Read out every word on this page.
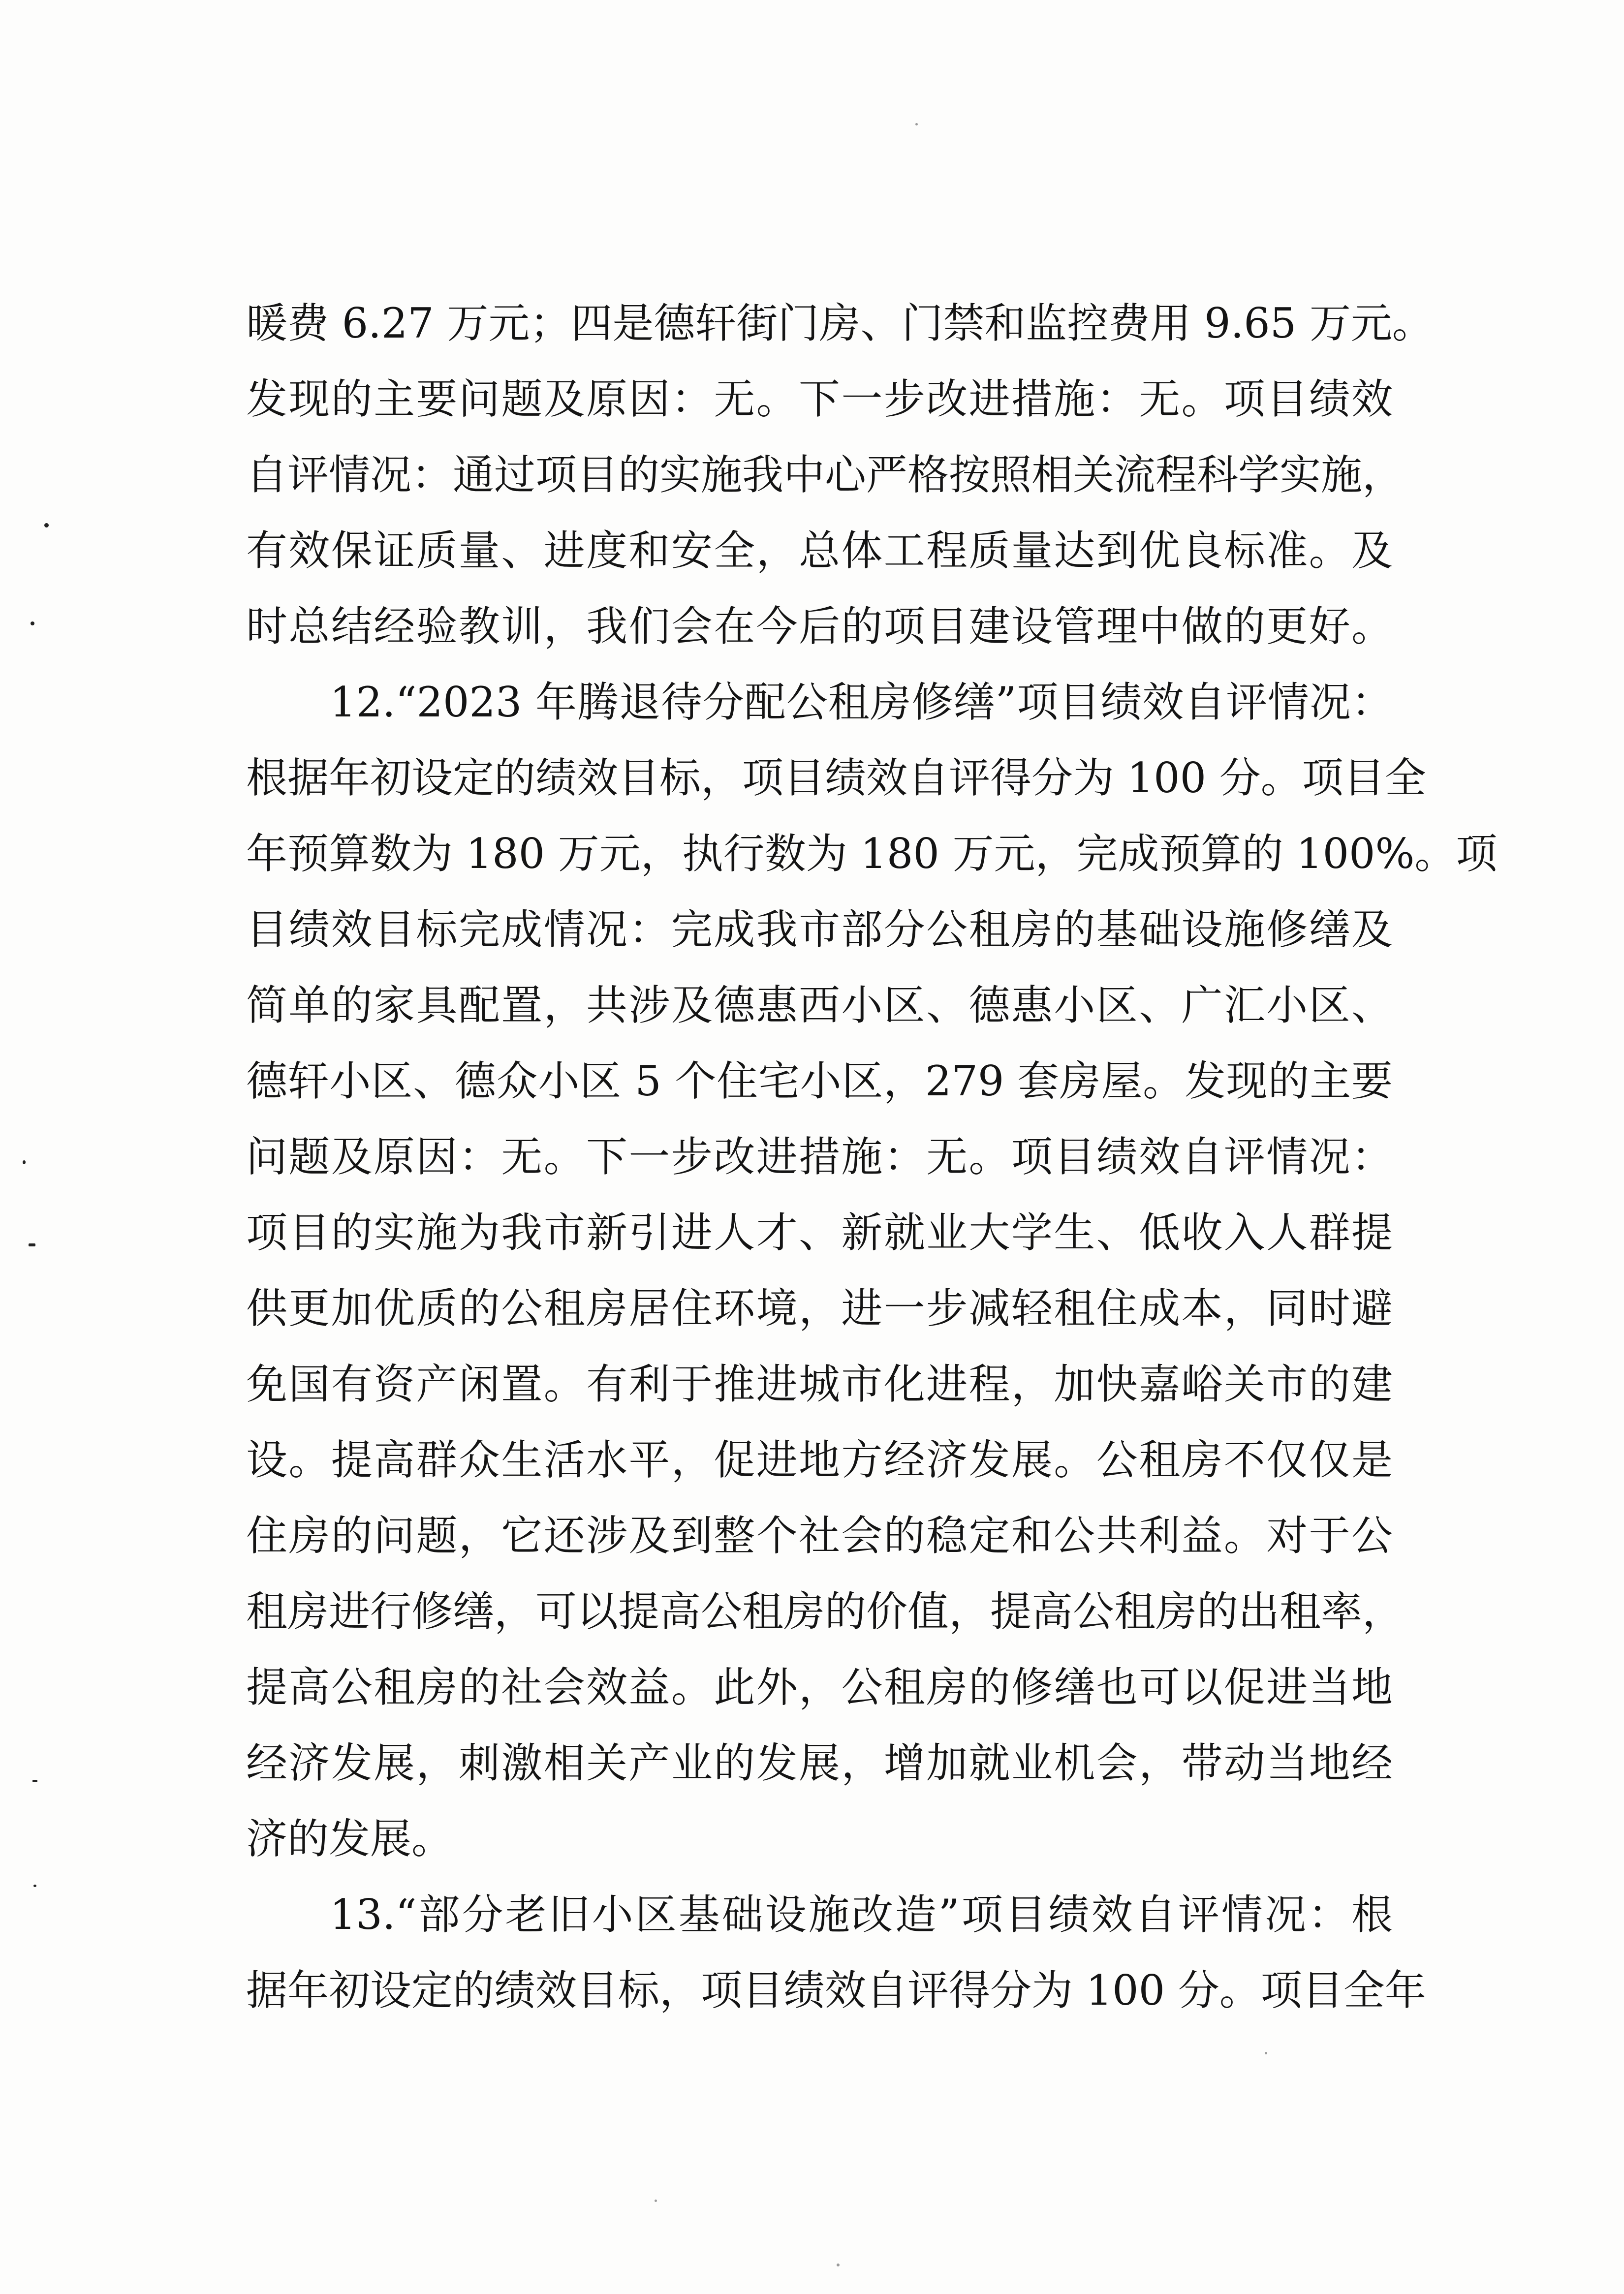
暖费 6.27 万元；四是德轩街门房、门禁和监控费用 9.65 万元。
发现的主要问题及原因：无。下一步改进措施：无。项目绩效
自评情况：通过项目的实施我中心严格按照相关流程科学实施，
有效保证质量、进度和安全，总体工程质量达到优良标准。及
时总结经验教训，我们会在今后的项目建设管理中做的更好。
12.“2023 年腾退待分配公租房修缮”项目绩效自评情况：
根据年初设定的绩效目标，项目绩效自评得分为 100 分。项目全
年预算数为 180 万元，执行数为 180 万元，完成预算的 100%。项
目绩效目标完成情况：完成我市部分公租房的基础设施修缮及
简单的家具配置，共涉及德惠西小区、德惠小区、广汇小区、
德轩小区、德众小区 5 个住宅小区，279 套房屋。发现的主要
问题及原因：无。下一步改进措施：无。项目绩效自评情况：
项目的实施为我市新引进人才、新就业大学生、低收入人群提
供更加优质的公租房居住环境，进一步减轻租住成本，同时避
免国有资产闲置。有利于推进城市化进程，加快嘉峪关市的建
设。提高群众生活水平，促进地方经济发展。公租房不仅仅是
住房的问题，它还涉及到整个社会的稳定和公共利益。对于公
租房进行修缮，可以提高公租房的价值，提高公租房的出租率，
提高公租房的社会效益。此外，公租房的修缮也可以促进当地
经济发展，刺激相关产业的发展，增加就业机会，带动当地经
济的发展。
13.“部分老旧小区基础设施改造”项目绩效自评情况：根
据年初设定的绩效目标，项目绩效自评得分为 100 分。项目全年
